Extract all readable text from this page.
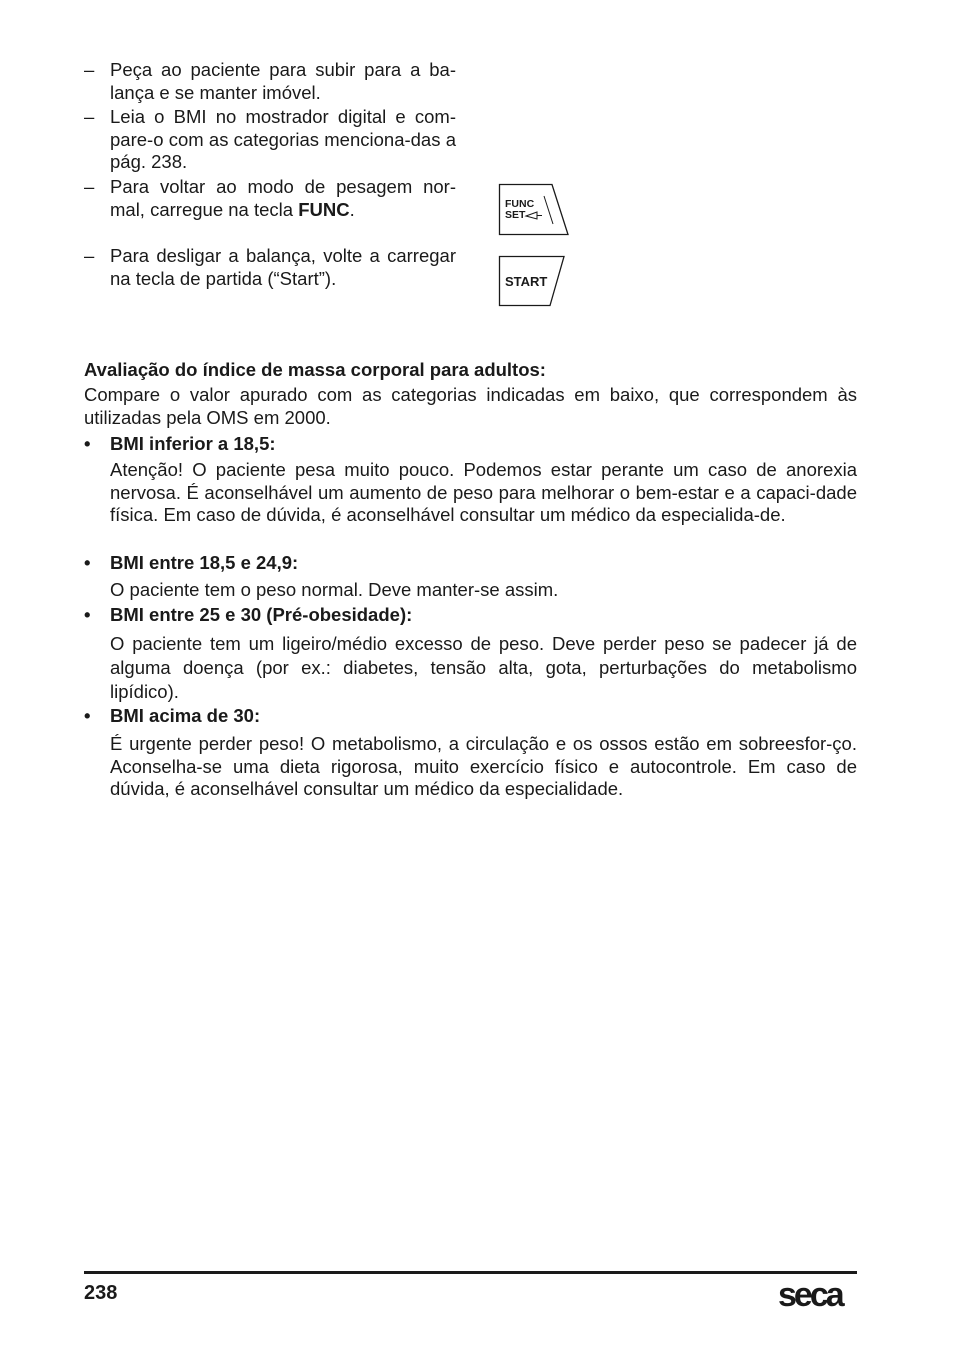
– Peça ao paciente para subir para a ba-lança e se manter imóvel.
– Leia o BMI no mostrador digital e com-pare-o com as categorias menciona-das a pág. 238.
– Para voltar ao modo de pesagem nor-mal, carregue na tecla FUNC.
– Para desligar a balança, volte a carregar na tecla de partida (“Start”).
FUNC
SET
START
Avaliação do índice de massa corporal para adultos:
Compare o valor apurado com as categorias indicadas em baixo, que correspondem às utilizadas pela OMS em 2000.
• BMI inferior a 18,5:
Atenção! O paciente pesa muito pouco. Podemos estar perante um caso de anorexia nervosa. É aconselhável um aumento de peso para melhorar o bem-estar e a capaci-dade física. Em caso de dúvida, é aconselhável consultar um médico da especialida-de.
• BMI entre 18,5 e 24,9:
O paciente tem o peso normal. Deve manter-se assim.
• BMI entre 25 e 30 (Pré-obesidade):
O paciente tem um ligeiro/médio excesso de peso. Deve perder peso se padecer já de alguma doença (por ex.: diabetes, tensão alta, gota, perturbações do metabolismo lipídico).
• BMI acima de 30:
É urgente perder peso! O metabolismo, a circulação e os ossos estão em sobreesfor-ço. Aconselha-se uma dieta rigorosa, muito exercício físico e autocontrole. Em caso de dúvida, é aconselhável consultar um médico da especialidade.
238	seca
